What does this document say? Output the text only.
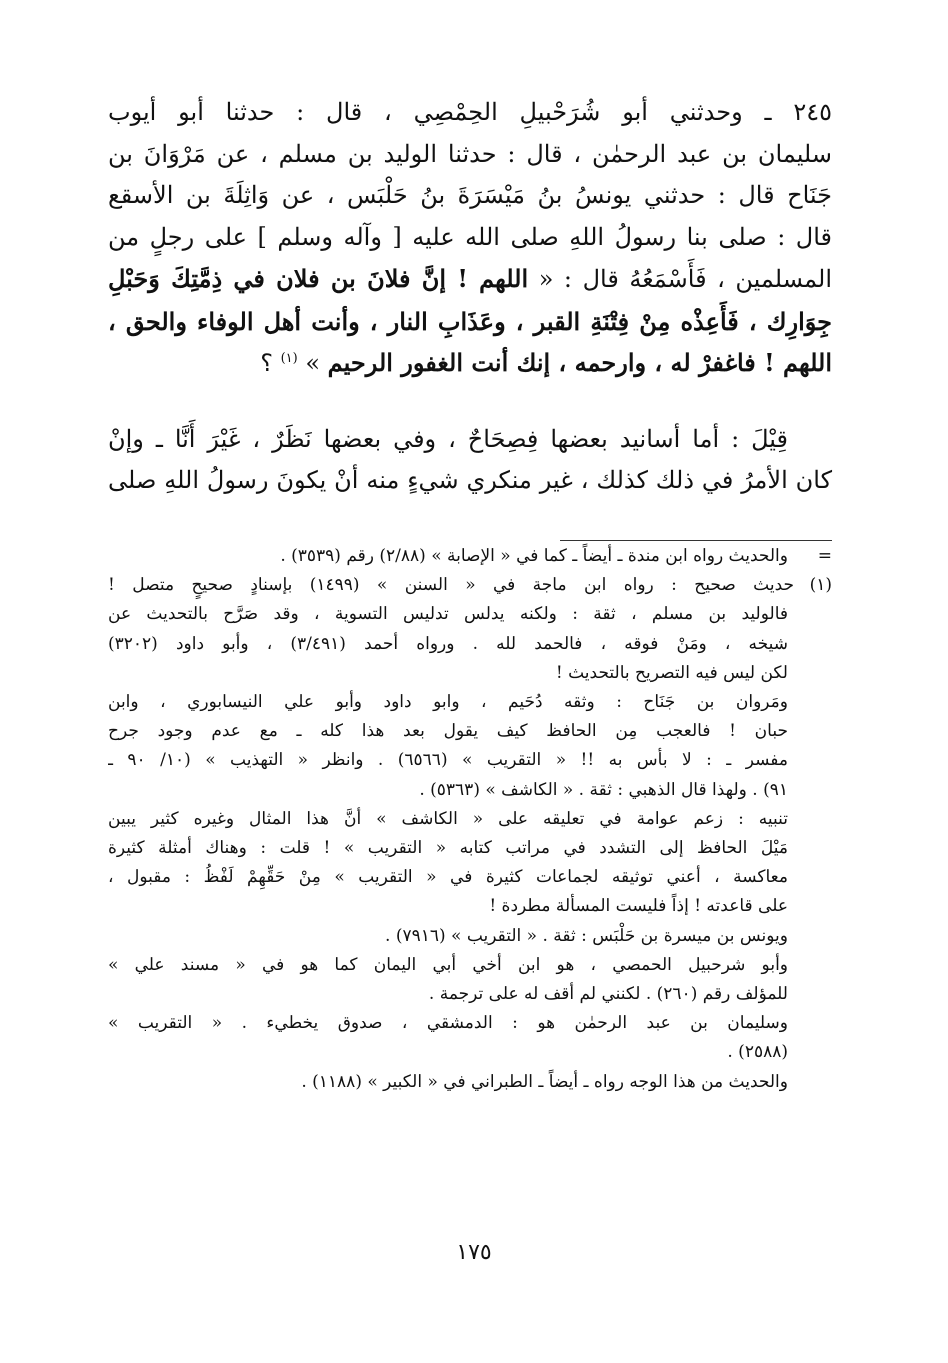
٢٤٥ ـ وحدثني أبو شُرَحْبيلِ الحِمْصِي ، قال : حدثنا أبو أيوب

سليمان بن عبد الرحمٰن ، قال : حدثنا الوليد بن مسلم ، عن مَرْوَانَ بن

جَنَاح قال : حدثني يونسُ بنُ مَيْسَرَةَ بنُ حَلْبَس ، عن وَاثِلَةَ بن الأسقع

قال : صلى بنا رسولُ اللهِ صلى الله عليه [ وآله وسلم ] على رجلٍ من

المسلمين ، فَأَسْمَعُهُ قال : « اللهم ! إنَّ فلانَ بن فلان في ذِمَّتِكَ وَحَبْلِ

جِوَارِك ، فَأَعِذْه مِنْ فِتْنَةِ القبر ، وعَذَابِ النار ، وأنت أهل الوفاء والحق ،

اللهم ! فاغفرْ له ، وارحمه ، إنك أنت الغفور الرحيم » $^{(١)}$ ؟

قِيْلَ : أما أسانيد بعضها فِصِحَاحٌ ، وفي بعضها نَظَرٌ ، غَيْرَ أَنَّا ـ وإنْ

كان الأمرُ في ذلك كذلك ، غير منكري شيءٍ منه أنْ يكونَ رسولُ اللهِ صلى

=والحديث رواه ابن مندة ـ أيضاً ـ كما في « الإصابة » (٢/٨٨) رقم (٣٥٣٩) .
(١)حديث صحيح : رواه ابن ماجة في « السنن » (١٤٩٩) بإسنادٍ صحيحٍ متصل !
فالوليد بن مسلم ، ثقة : ولكنه يدلس تدليس التسوية ، وقد صَرَّح بالتحديث عن
شيخه ، ومَنْ فوقه ، فالحمد لله . ورواه أحمد (٣/٤٩١) ، وأبو داود (٣٢٠٢)
لكن ليس فيه التصريح بالتحديث !
ومَروان بن جَنَاح : وثقه دُحَيم ، وابو داود وأبو علي النيسابوري ، وابن
حبان ! فالعجب مِن الحافظ كيف يقول بعد هذا كله ـ مع عدم وجود جرح
مفسر ـ : لا بأس به !! « التقريب » (٦٥٦٦) . وانظر « التهذيب » (١٠/ ٩٠ ـ
٩١) . ولهذا قال الذهبي : ثقة . « الكاشف » (٥٣٦٣) .
تنبيه : زعم عوامة في تعليقه على « الكاشف » أنَّ هذا المثال وغيره كثير يبين
مَيْلَ الحافظ إلى التشدد في مراتب كتابه « التقريب » ! قلت : وهناك أمثلة كثيرة
معاكسة ، أعني توثيقه لجماعات كثيرة في « التقريب » مِنْ حَقِّهِمْ لَفْظُ : مقبول ،
على قاعدته ! إذاً فليست المسألة مطردة !
ويونس بن ميسرة بن حَلْبَس : ثقة . « التقريب » (٧٩١٦) .
وأبو شرحبيل الحمصي ، هو ابن أخي أبي اليمان كما هو في « مسند علي »
للمؤلف رقم (٢٦٠) . لكنني لم أقف له على ترجمة .
وسليمان بن عبد الرحمٰن هو : الدمشقي ، صدوق يخطيء . « التقريب »
(٢٥٨٨) .
والحديث من هذا الوجه رواه ـ أيضاً ـ الطبراني في « الكبير » (١١٨٨) .
١٧٥
